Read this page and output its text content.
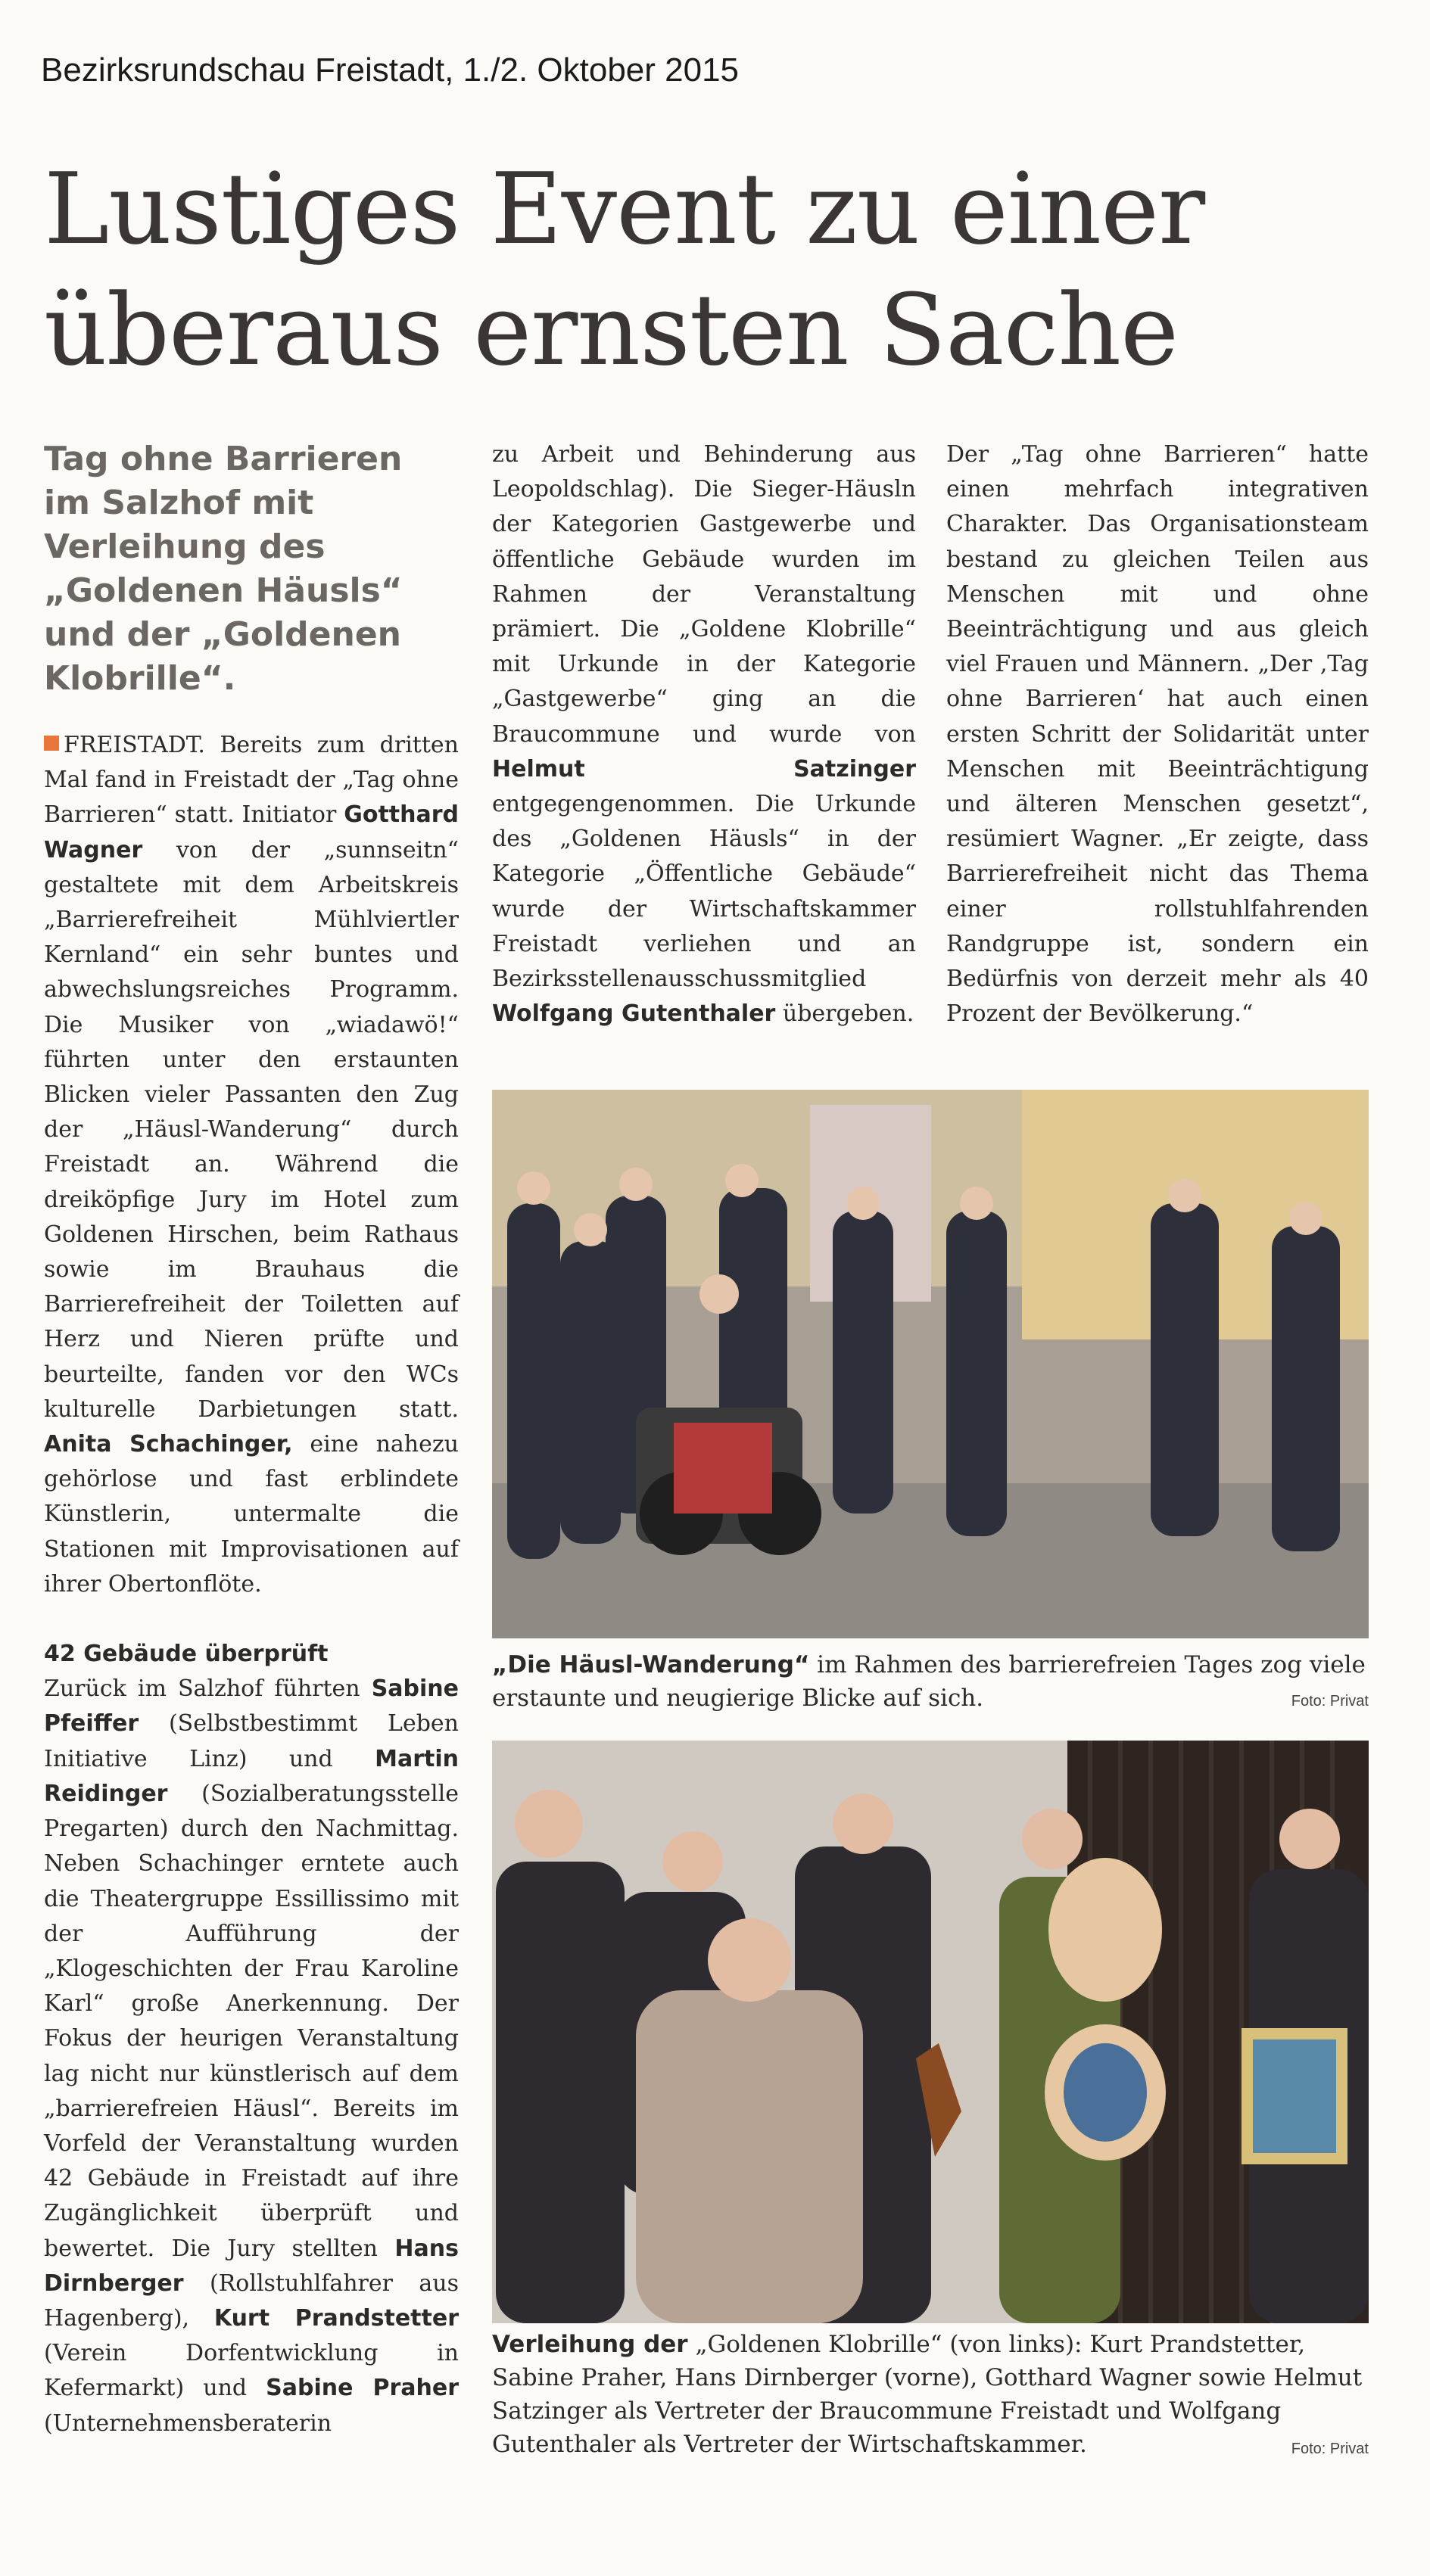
Bezirksrundschau Freistadt, 1./2. Oktober 2015
Lustiges Event zu einer
überaus ernsten Sache
Tag ohne Barrieren im Salzhof mit Verleihung des „Goldenen Häusls“ und der „Goldenen Klobrille“.

FREISTADT. Bereits zum dritten Mal fand in Freistadt der „Tag ohne Barrieren“ statt. Initiator Gotthard Wagner von der „sunnseitn“ gestaltete mit dem Arbeitskreis „Barrierefreiheit Mühlviertler Kernland“ ein sehr buntes und abwechslungsreiches Programm. Die Musiker von „wiadawö!“ führten unter den erstaunten Blicken vieler Passanten den Zug der „Häusl-Wanderung“ durch Freistadt an. Während die dreiköpfige Jury im Hotel zum Goldenen Hirschen, beim Rathaus sowie im Brauhaus die Barrierefreiheit der Toiletten auf Herz und Nieren prüfte und beurteilte, fanden vor den WCs kulturelle Darbietungen statt. Anita Schachinger, eine nahezu gehörlose und fast erblindete Künstlerin, untermalte die Stationen mit Improvisationen auf ihrer Obertonflöte.

42 Gebäude überprüft

Zurück im Salzhof führten Sabine Pfeiffer (Selbstbestimmt Leben Initiative Linz) und Martin Reidinger (Sozialberatungsstelle Pregarten) durch den Nachmittag. Neben Schachinger erntete auch die Theatergruppe Essillissimo mit der Aufführung der „Klogeschichten der Frau Karoline Karl“ große Anerkennung. Der Fokus der heurigen Veranstaltung lag nicht nur künstlerisch auf dem „barrierefreien Häusl“. Bereits im Vorfeld der Veranstaltung wurden 42 Gebäude in Freistadt auf ihre Zugänglichkeit überprüft und bewertet. Die Jury stellten Hans Dirnberger (Rollstuhlfahrer aus Hagenberg), Kurt Prandstetter (Verein Dorfentwicklung in Kefermarkt) und Sabine Praher (Unternehmensberaterin

zu Arbeit und Behinderung aus Leopoldschlag). Die Sieger-Häusln der Kategorien Gastgewerbe und öffentliche Gebäude wurden im Rahmen der Veranstaltung prämiert. Die „Goldene Klobrille“ mit Urkunde in der Kategorie „Gastgewerbe“ ging an die Braucommune und wurde von Helmut Satzinger entgegengenommen. Die Urkunde des „Goldenen Häusls“ in der Kategorie „Öffentliche Gebäude“ wurde der Wirtschaftskammer Freistadt verliehen und an Bezirksstellenausschussmitglied Wolfgang Gutenthaler übergeben.

Der „Tag ohne Barrieren“ hatte einen mehrfach integrativen Charakter. Das Organisationsteam bestand zu gleichen Teilen aus Menschen mit und ohne Beeinträchtigung und aus gleich viel Frauen und Männern. „Der ‚Tag ohne Barrieren‘ hat auch einen ersten Schritt der Solidarität unter Menschen mit Beeinträchtigung und älteren Menschen gesetzt“, resümiert Wagner. „Er zeigte, dass Barrierefreiheit nicht das Thema einer rollstuhlfahrenden Randgruppe ist, sondern ein Bedürfnis von derzeit mehr als 40 Prozent der Bevölkerung.“

„Die Häusl-Wanderung“ im Rahmen des barrierefreien Tages zog viele erstaunte und neugierige Blicke auf sich.	Foto: Privat
Verleihung der „Goldenen Klobrille“ (von links): Kurt Prandstetter, Sabine Praher, Hans Dirnberger (vorne), Gotthard Wagner sowie Helmut Satzinger als Vertreter der Braucommune Freistadt und Wolfgang Gutenthaler als Vertreter der Wirtschaftskammer.	Foto: Privat
